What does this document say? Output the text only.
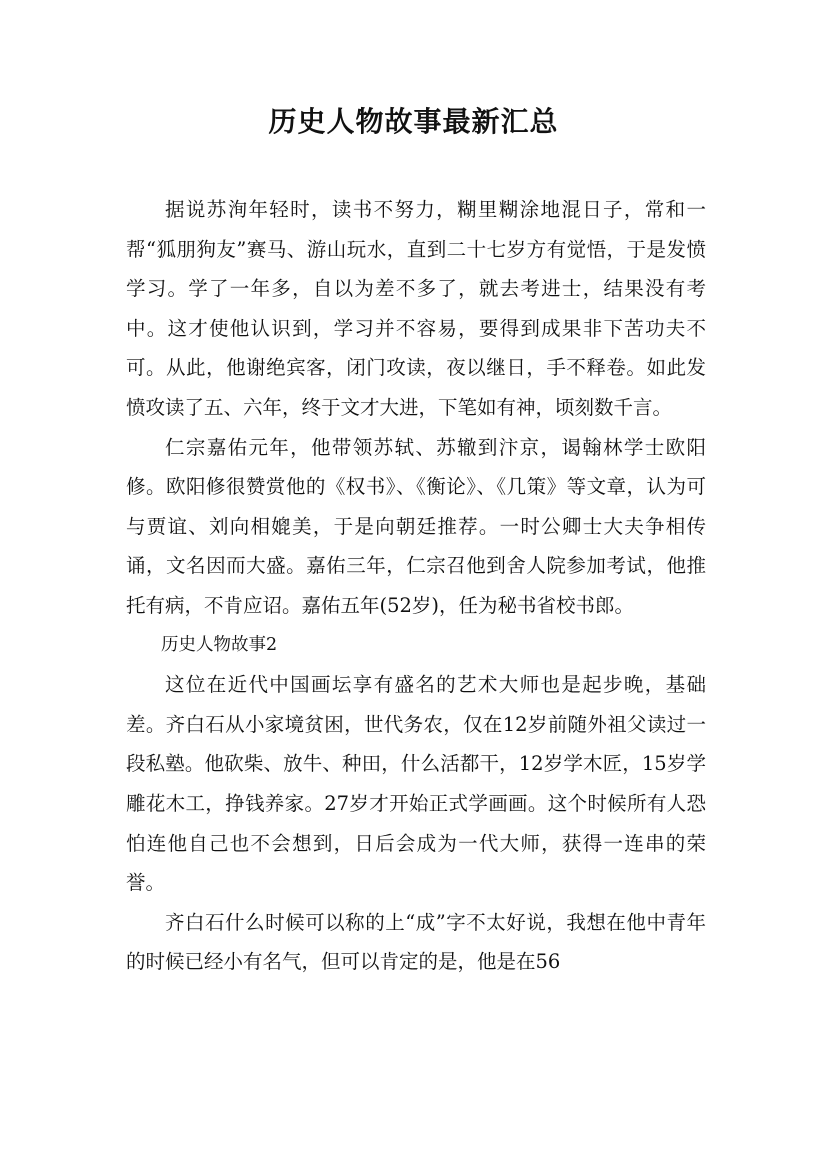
历史人物故事最新汇总

据说苏洵年轻时，读书不努力，糊里糊涂地混日子，常和一帮“狐朋狗友”赛马、游山玩水，直到二十七岁方有觉悟，于是发愤学习。学了一年多，自以为差不多了，就去考进士，结果没有考中。这才使他认识到，学习并不容易，要得到成果非下苦功夫不可。从此，他谢绝宾客，闭门攻读，夜以继日，手不释卷。如此发愤攻读了五、六年，终于文才大进，下笔如有神，顷刻数千言。

仁宗嘉佑元年，他带领苏轼、苏辙到汴京，谒翰林学士欧阳修。欧阳修很赞赏他的《权书》、《衡论》、《几策》等文章，认为可与贾谊、刘向相媲美，于是向朝廷推荐。一时公卿士大夫争相传诵，文名因而大盛。嘉佑三年，仁宗召他到舍人院参加考试，他推托有病，不肯应诏。嘉佑五年(52岁)，任为秘书省校书郎。

历史人物故事2

这位在近代中国画坛享有盛名的艺术大师也是起步晚，基础差。齐白石从小家境贫困，世代务农，仅在12岁前随外祖父读过一段私塾。他砍柴、放牛、种田，什么活都干，12岁学木匠，15岁学雕花木工，挣钱养家。27岁才开始正式学画画。这个时候所有人恐怕连他自己也不会想到，日后会成为一代大师，获得一连串的荣誉。

齐白石什么时候可以称的上“成”字不太好说，我想在他中青年的时候已经小有名气，但可以肯定的是，他是在56
